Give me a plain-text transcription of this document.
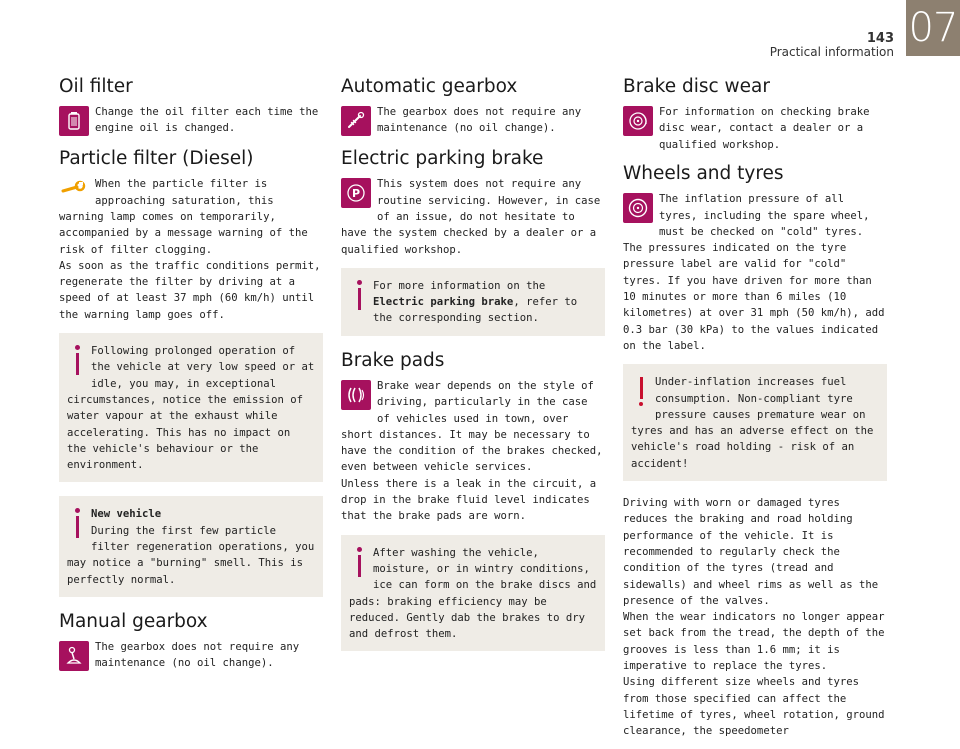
143
Practical information
07
Oil filter

Change the oil filter each time the engine oil is changed.

Particle filter (Diesel)

When the particle filter is approaching saturation, this warning lamp comes on temporarily, accompanied by a message warning of the risk of filter clogging.

As soon as the traffic conditions permit, regenerate the filter by driving at a speed of at least 37 mph (60 km/h) until the warning lamp goes off.

Following prolonged operation of the vehicle at very low speed or at idle, you may, in exceptional circumstances, notice the emission of water vapour at the exhaust while accelerating. This has no impact on the vehicle's behaviour or the environment.

New vehicle

During the first few particle filter regeneration operations, you may notice a "burning" smell. This is perfectly normal.

Manual gearbox

The gearbox does not require any maintenance (no oil change).

Automatic gearbox

The gearbox does not require any maintenance (no oil change).

Electric parking brake
P

This system does not require any routine servicing. However, in case of an issue, do not hesitate to have the system checked by a dealer or a qualified workshop.

For more information on the Electric parking brake, refer to the corresponding section.

Brake pads

Brake wear depends on the style of driving, particularly in the case of vehicles used in town, over short distances. It may be necessary to have the condition of the brakes checked, even between vehicle services.

Unless there is a leak in the circuit, a drop in the brake fluid level indicates that the brake pads are worn.

After washing the vehicle, moisture, or in wintry conditions, ice can form on the brake discs and pads: braking efficiency may be reduced. Gently dab the brakes to dry and defrost them.

Brake disc wear

For information on checking brake disc wear, contact a dealer or a qualified workshop.

Wheels and tyres

The inflation pressure of all tyres, including the spare wheel, must be checked on "cold" tyres.

The pressures indicated on the tyre pressure label are valid for "cold" tyres. If you have driven for more than 10 minutes or more than 6 miles (10 kilometres) at over 31 mph (50 km/h), add 0.3 bar (30 kPa) to the values indicated on the label.

Under-inflation increases fuel consumption. Non-compliant tyre pressure causes premature wear on tyres and has an adverse effect on the vehicle's road holding - risk of an accident!

Driving with worn or damaged tyres reduces the braking and road holding performance of the vehicle. It is recommended to regularly check the condition of the tyres (tread and sidewalls) and wheel rims as well as the presence of the valves.

When the wear indicators no longer appear set back from the tread, the depth of the grooves is less than 1.6 mm; it is imperative to replace the tyres.

Using different size wheels and tyres from those specified can affect the lifetime of tyres, wheel rotation, ground clearance, the speedometer
